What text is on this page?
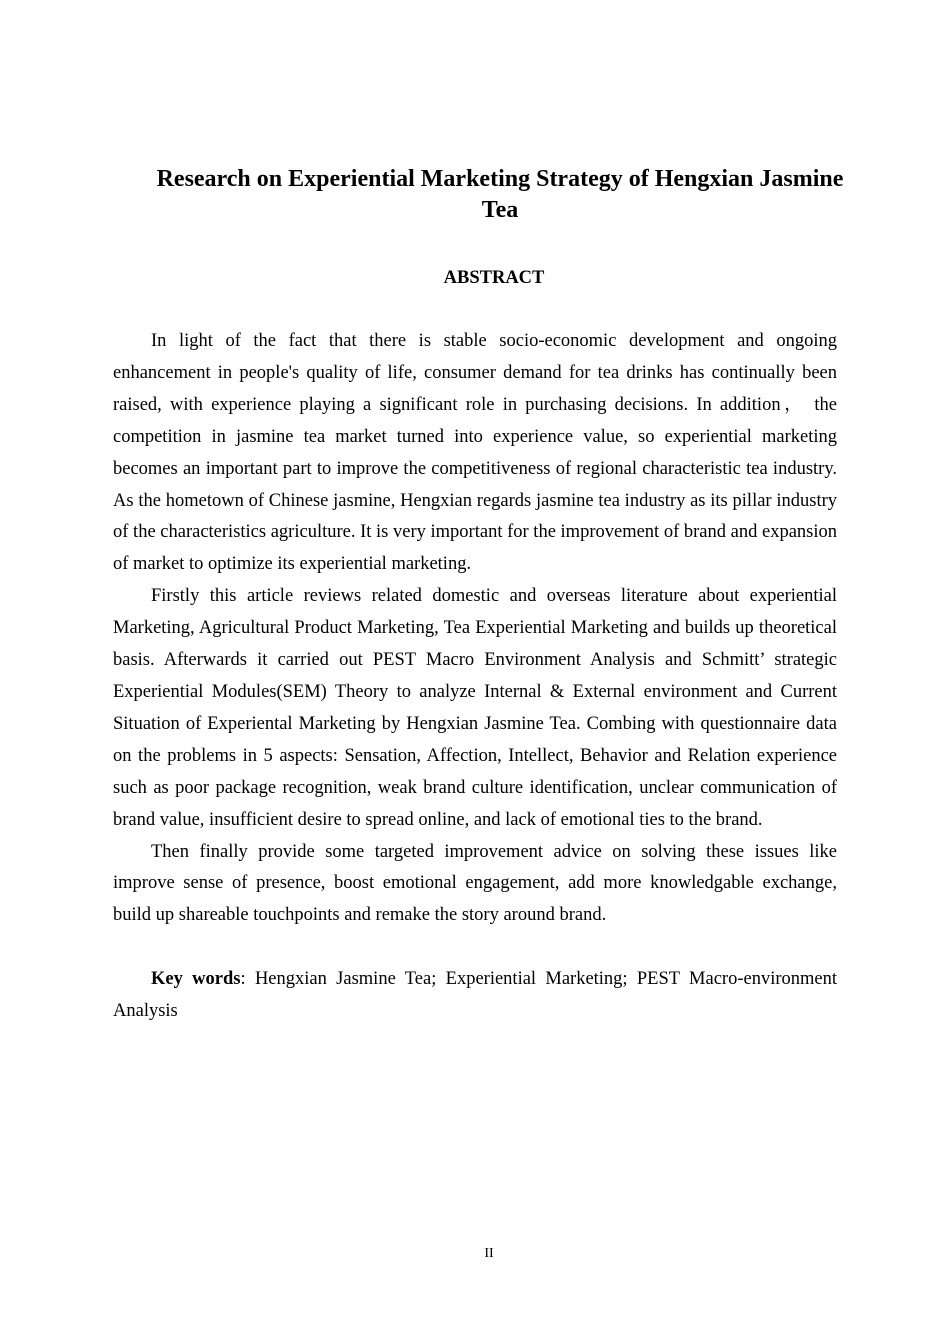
Research on Experiential Marketing Strategy of Hengxian Jasmine Tea
ABSTRACT

In light of the fact that there is stable socio-economic development and ongoing enhancement in people's quality of life, consumer demand for tea drinks has continually been raised, with experience playing a significant role in purchasing decisions. In addition， the competition in jasmine tea market turned into experience value, so experiential marketing becomes an important part to improve the competitiveness of regional characteristic tea industry. As the hometown of Chinese jasmine, Hengxian regards jasmine tea industry as its pillar industry of the characteristics agriculture. It is very important for the improvement of brand and expansion of market to optimize its experiential marketing.

Firstly this article reviews related domestic and overseas literature about experiential Marketing, Agricultural Product Marketing, Tea Experiential Marketing and builds up theoretical basis. Afterwards it carried out PEST Macro Environment Analysis and Schmitt’ strategic Experiential Modules(SEM) Theory to analyze Internal & External environment and Current Situation of Experiental Marketing by Hengxian Jasmine Tea. Combing with questionnaire data on the problems in 5 aspects: Sensation, Affection, Intellect, Behavior and Relation experience such as poor package recognition, weak brand culture identification, unclear communication of brand value, insufficient desire to spread online, and lack of emotional ties to the brand.

Then finally provide some targeted improvement advice on solving these issues like improve sense of presence, boost emotional engagement, add more knowledgable exchange, build up shareable touchpoints and remake the story around brand.

Key words: Hengxian Jasmine Tea; Experiential Marketing; PEST Macro-environment Analysis

II
